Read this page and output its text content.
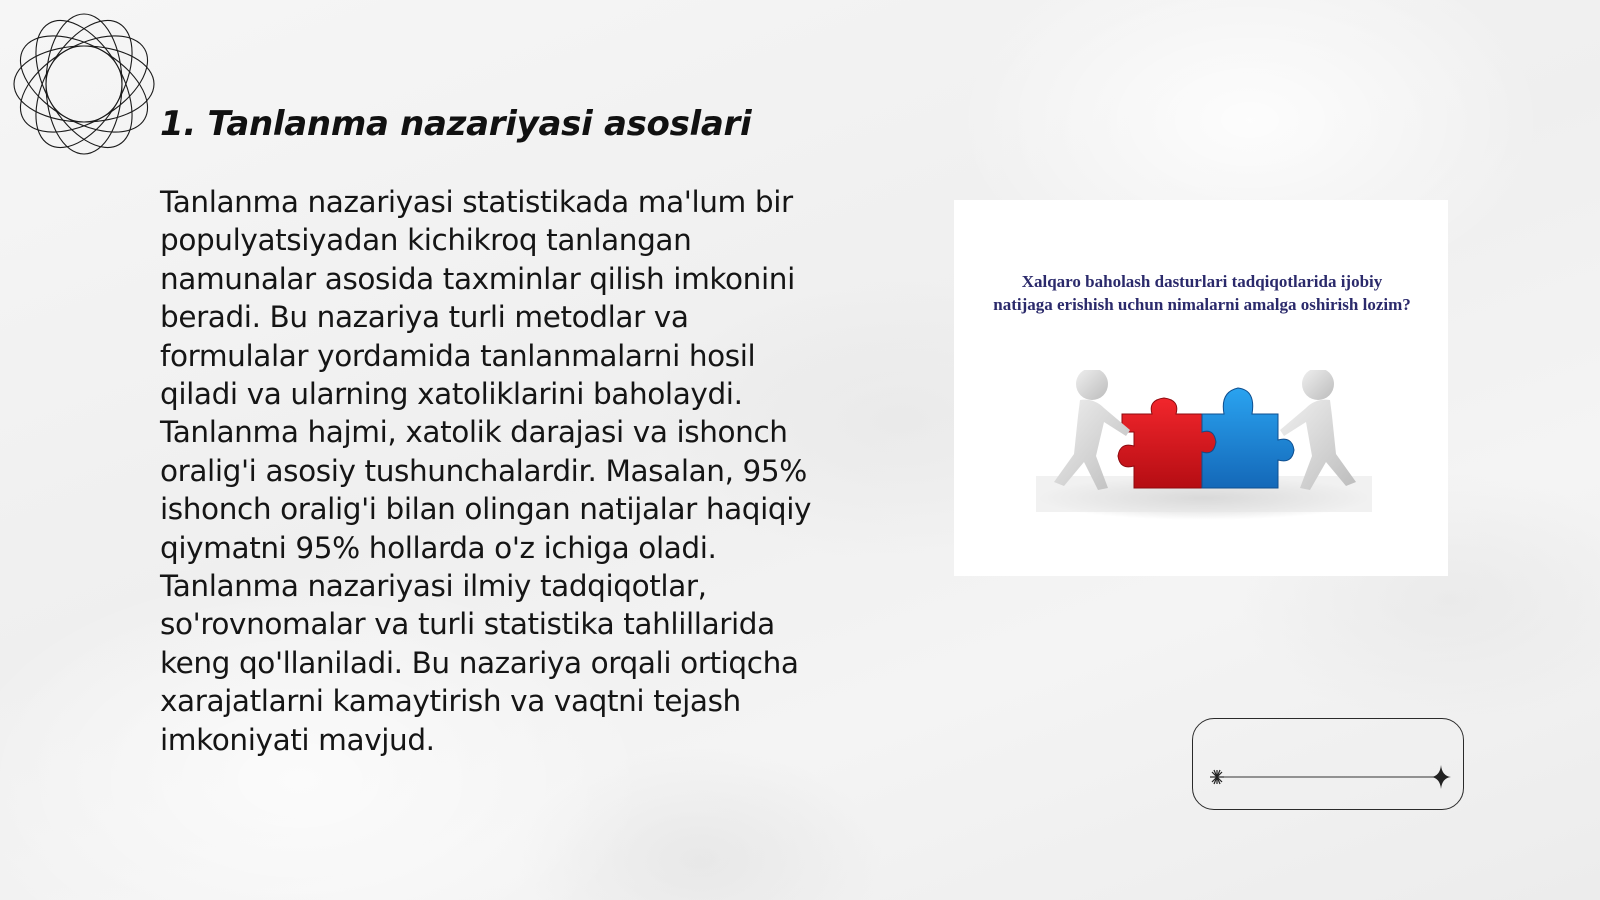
1. Tanlanma nazariyasi asoslari

Tanlanma nazariyasi statistikada ma'lum bir populyatsiyadan kichikroq tanlangan namunalar asosida taxminlar qilish imkonini beradi. Bu nazariya turli metodlar va formulalar yordamida tanlanmalarni hosil qiladi va ularning xatoliklarini baholaydi. Tanlanma hajmi, xatolik darajasi va ishonch oralig'i asosiy tushunchalardir. Masalan, 95% ishonch oralig'i bilan olingan natijalar haqiqiy qiymatni 95% hollarda o'z ichiga oladi. Tanlanma nazariyasi ilmiy tadqiqotlar, so'rovnomalar va turli statistika tahlillarida keng qo'llaniladi. Bu nazariya orqali ortiqcha xarajatlarni kamaytirish va vaqtni tejash imkoniyati mavjud.

Xalqaro baholash dasturlari tadqiqotlarida ijobiy natijaga erishish uchun nimalarni amalga oshirish lozim?
